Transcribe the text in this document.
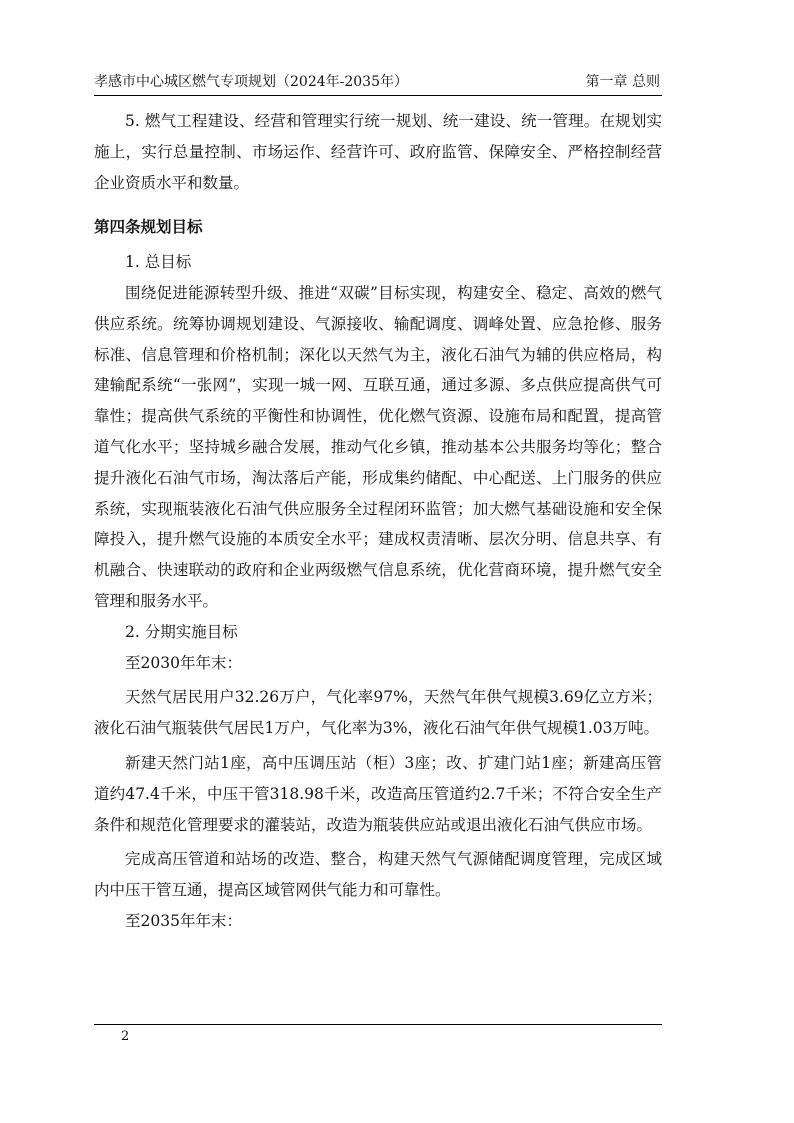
孝感市中心城区燃气专项规划（2024年-2035年）	第一章 总则

5. 燃气工程建设、经营和管理实行统一规划、统一建设、统一管理。在规划实施上，实行总量控制、市场运作、经营许可、政府监管、保障安全、严格控制经营企业资质水平和数量。

第四条规划目标

1. 总目标

围绕促进能源转型升级、推进“双碳”目标实现，构建安全、稳定、高效的燃气供应系统。统筹协调规划建设、气源接收、输配调度、调峰处置、应急抢修、服务标准、信息管理和价格机制；深化以天然气为主，液化石油气为辅的供应格局，构建输配系统“一张网”，实现一城一网、互联互通，通过多源、多点供应提高供气可靠性；提高供气系统的平衡性和协调性，优化燃气资源、设施布局和配置，提高管道气化水平；坚持城乡融合发展，推动气化乡镇，推动基本公共服务均等化；整合提升液化石油气市场，淘汰落后产能，形成集约储配、中心配送、上门服务的供应系统，实现瓶装液化石油气供应服务全过程闭环监管；加大燃气基础设施和安全保障投入，提升燃气设施的本质安全水平；建成权责清晰、层次分明、信息共享、有机融合、快速联动的政府和企业两级燃气信息系统，优化营商环境，提升燃气安全管理和服务水平。

2. 分期实施目标

至2030年年末：

天然气居民用户32.26万户，气化率97%，天然气年供气规模3.69亿立方米；液化石油气瓶装供气居民1万户，气化率为3%，液化石油气年供气规模1.03万吨。

新建天然门站1座，高中压调压站（柜）3座；改、扩建门站1座；新建高压管道约47.4千米，中压干管318.98千米，改造高压管道约2.7千米；不符合安全生产条件和规范化管理要求的灌装站，改造为瓶装供应站或退出液化石油气供应市场。

完成高压管道和站场的改造、整合，构建天然气气源储配调度管理，完成区域内中压干管互通，提高区域管网供气能力和可靠性。

至2035年年末：

2
